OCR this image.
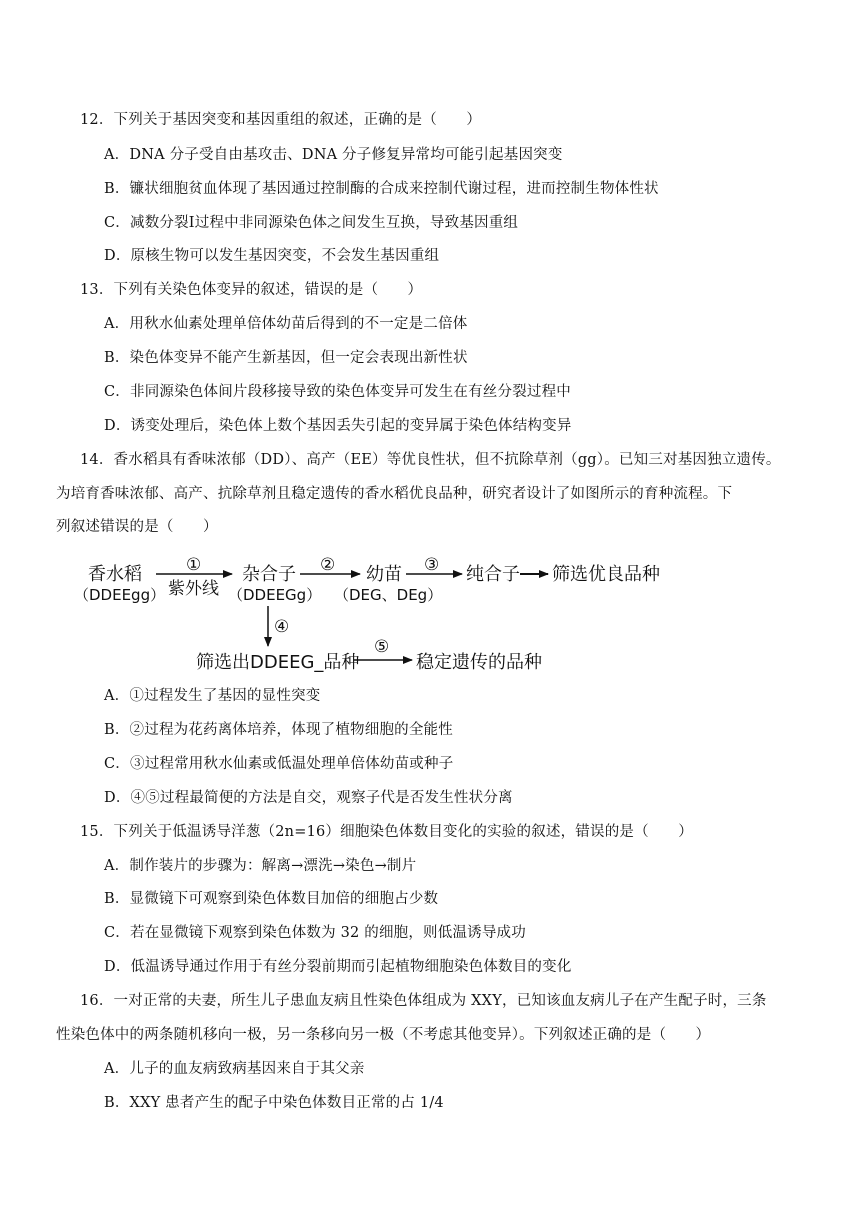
12．下列关于基因突变和基因重组的叙述，正确的是（　　）
A．DNA 分子受自由基攻击、DNA 分子修复异常均可能引起基因突变
B．镰状细胞贫血体现了基因通过控制酶的合成来控制代谢过程，进而控制生物体性状
C．减数分裂Ⅰ过程中非同源染色体之间发生互换，导致基因重组
D．原核生物可以发生基因突变，不会发生基因重组
13．下列有关染色体变异的叙述，错误的是（　　）
A．用秋水仙素处理单倍体幼苗后得到的不一定是二倍体
B．染色体变异不能产生新基因，但一定会表现出新性状
C．非同源染色体间片段移接导致的染色体变异可发生在有丝分裂过程中
D．诱变处理后，染色体上数个基因丢失引起的变异属于染色体结构变异
14．香水稻具有香味浓郁（DD）、高产（EE）等优良性状，但不抗除草剂（gg）。已知三对基因独立遗传。
为培育香味浓郁、高产、抗除草剂且稳定遗传的香水稻优良品种，研究者设计了如图所示的育种流程。下
列叙述错误的是（　　）
香水稻
（DDEEgg）
①
紫外线
杂合子
（DDEEGg）
② 幼苗
（DEG、DEg）
③ 纯合子 筛选优良品种
④
筛选出DDEEG_品种
⑤
稳定遗传的品种
A．①过程发生了基因的显性突变
B．②过程为花药离体培养，体现了植物细胞的全能性
C．③过程常用秋水仙素或低温处理单倍体幼苗或种子
D．④⑤过程最简便的方法是自交，观察子代是否发生性状分离
15．下列关于低温诱导洋葱（2n=16）细胞染色体数目变化的实验的叙述，错误的是（　　）
A．制作装片的步骤为：解离→漂洗→染色→制片
B．显微镜下可观察到染色体数目加倍的细胞占少数
C．若在显微镜下观察到染色体数为 32 的细胞，则低温诱导成功
D．低温诱导通过作用于有丝分裂前期而引起植物细胞染色体数目的变化
16．一对正常的夫妻，所生儿子患血友病且性染色体组成为 XXY，已知该血友病儿子在产生配子时，三条
性染色体中的两条随机移向一极，另一条移向另一极（不考虑其他变异）。下列叙述正确的是（　　）
A．儿子的血友病致病基因来自于其父亲
B．XXY 患者产生的配子中染色体数目正常的占 1/4
